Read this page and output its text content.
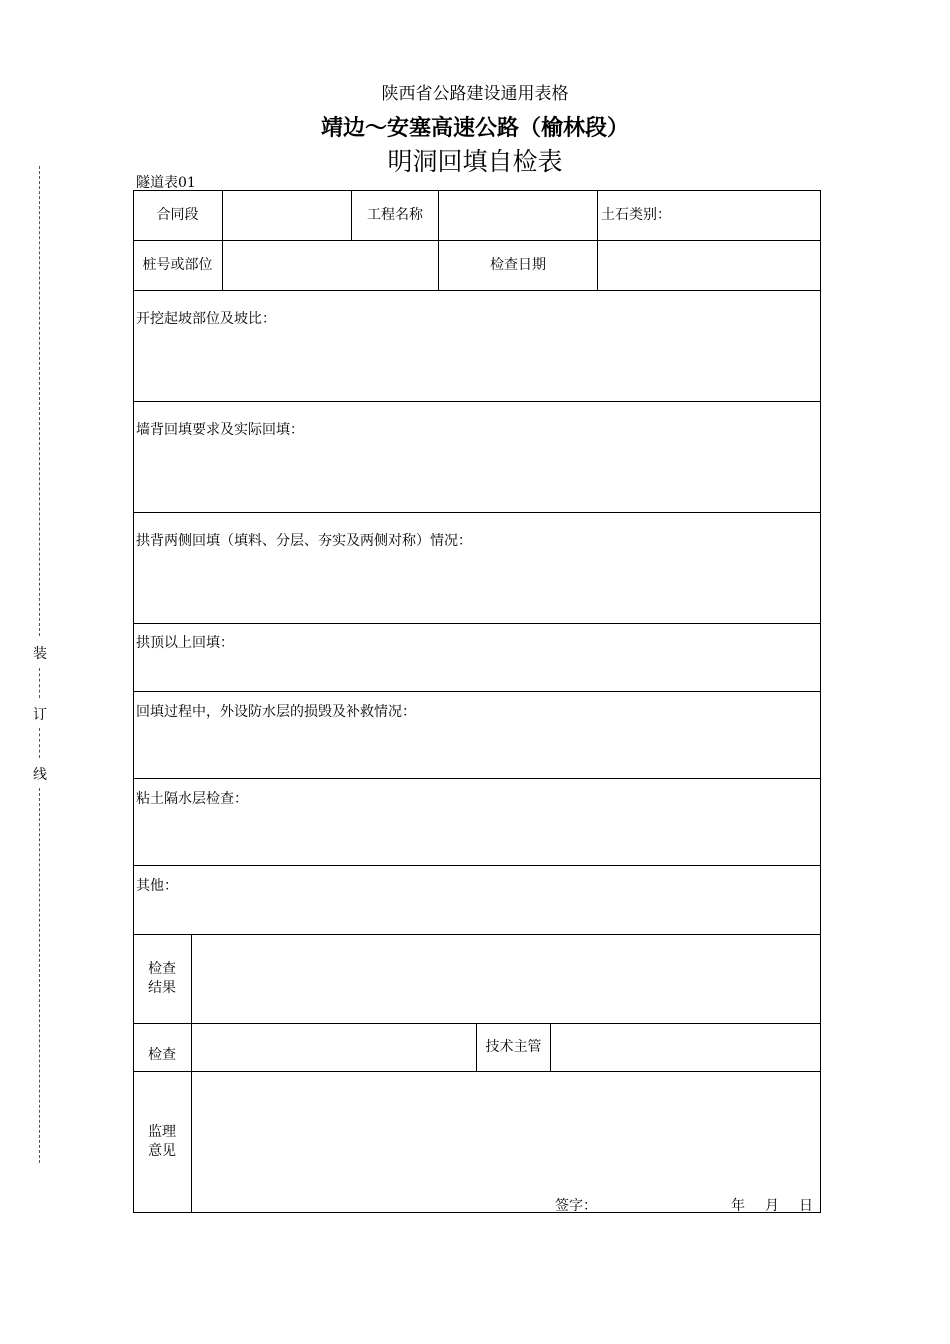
陕西省公路建设通用表格
靖边～安塞高速公路（榆林段）
明洞回填自检表
隧道表01
装
订
线
合同段	工程名称	土石类别：
桩号或部位	检查日期
开挖起坡部位及坡比：
墙背回填要求及实际回填：
拱背两侧回填（填料、分层、夯实及两侧对称）情况：
拱顶以上回填：
回填过程中，外设防水层的损毁及补救情况：
粘土隔水层检查：
其他：
检查
结果
检查	技术主管
监理
意见
签字：	年 月 日
